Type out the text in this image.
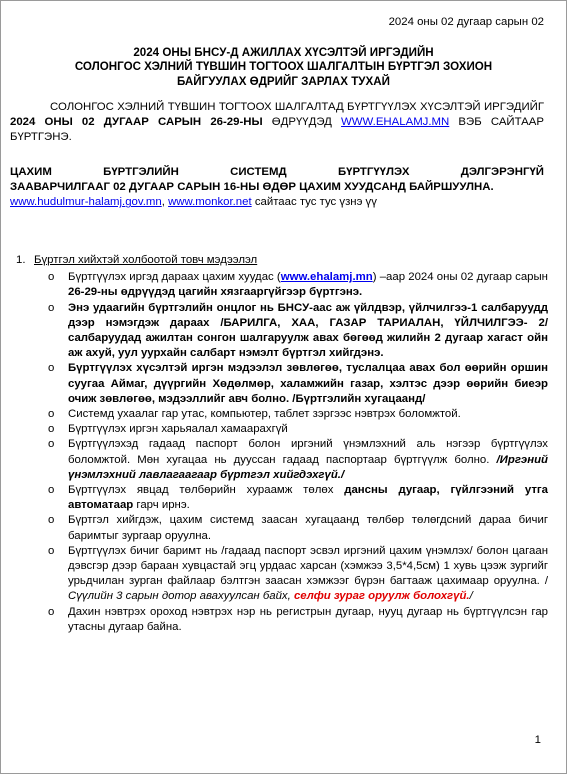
2024 оны 02 дугаар сарын 02
2024 ОНЫ БНСУ-Д АЖИЛЛАХ ХҮСЭЛТЭЙ ИРГЭДИЙН
СОЛОНГОС ХЭЛНИЙ ТҮВШИН ТОГТООХ ШАЛГАЛТЫН БҮРТГЭЛ ЗОХИОН
БАЙГУУЛАХ ӨДРИЙГ ЗАРЛАХ ТУХАЙ
СОЛОНГОС ХЭЛНИЙ ТҮВШИН ТОГТООХ ШАЛГАЛТАД БҮРТГҮҮЛЭХ ХҮСЭЛТЭЙ ИРГЭДИЙГ 2024 ОНЫ 02 ДУГААР САРЫН 26-29-НЫ ӨДРҮҮДЭД WWW.EHALAMJ.MN ВЭБ САЙТААР БҮРТГЭНЭ.
ЦАХИМ БҮРТГЭЛИЙН СИСТЕМД БҮРТГҮҮЛЭХ ДЭЛГЭРЭНГҮЙ
ЗААВАРЧИЛГААГ 02 ДУГААР САРЫН 16-НЫ ӨДӨР ЦАХИМ ХУУДСАНД БАЙРШУУЛНА.
www.hudulmur-halamj.gov.mn, www.monkor.net сайтаас тус тус үзнэ үү
1. Бүртгэл хийхтэй холбоотой товч мэдээлэл
o Бүртгүүлэх иргэд дараах цахим хуудас (www.ehalamj.mn) –аар 2024 оны 02 дугаар сарын 26-29-ны өдрүүдэд цагийн хязгааргүйгээр бүртгэнэ.
o Энэ удаагийн бүртгэлийн онцлог нь БНСУ-аас аж үйлдвэр, үйлчилгээ-1 салбаруудд дээр нэмэгдэж дараах /БАРИЛГА, ХАА, ГАЗАР ТАРИАЛАН, ҮЙЛЧИЛГЭЭ- 2/ салбаруудад ажилтан сонгон шалгаруулж авах бөгөөд жилийн 2 дугаар хагаст ойн аж ахуй, уул уурхайн салбарт нэмэлт бүртгэл хийгдэнэ.
o Бүртгүүлэх хүсэлтэй иргэн мэдээлэл зөвлөгөө, туслалцаа авах бол өөрийн оршин суугаа Аймаг, дүүргийн Хөдөлмөр, халамжийн газар, хэлтэс дээр өөрийн биеэр очиж зөвлөгөө, мэдээллийг авч болно. /Бүртгэлийн хугацаанд/
o Системд ухаалаг гар утас, компьютер, таблет зэргээс нэвтрэх боломжтой.
o Бүртгүүлэх иргэн харьяалал хамаарахгүй
o Бүртгүүлэхэд гадаад паспорт болон иргэний үнэмлэхний аль нэгээр бүртгүүлэх боломжтой. Мөн хугацаа нь дууссан гадаад паспортаар бүртгүүлж болно. /Иргэний үнэмлэхний лавлагаагаар бүртгэл хийгдэхгүй./
o Бүртгүүлэх явцад төлбөрийн хураамж төлөх дансны дугаар, гүйлгээний утга автоматаар гарч ирнэ.
o Бүртгэл хийгдэж, цахим системд заасан хугацаанд төлбөр төлөгдсний дараа бичиг баримтыг зургаар оруулна.
o Бүртгүүлэх бичиг баримт нь /гадаад паспорт эсвэл иргэний цахим үнэмлэх/ болон цагаан дэвсгэр дээр бараан хувцастай эгц урдаас харсан (хэмжээ 3,5*4,5см) 1 хувь цээж зургийг урьдчилан зурган файлаар бэлтгэн заасан хэмжээг бүрэн багтааж цахимаар оруулна. /Сүүлийн 3 сарын дотор авахуулсан байх, селфи зураг оруулж болохгүй./
o Дахин нэвтрэх ороход нэвтрэх нэр нь регистрын дугаар, нууц дугаар нь бүртгүүлсэн гар утасны дугаар байна.
1
